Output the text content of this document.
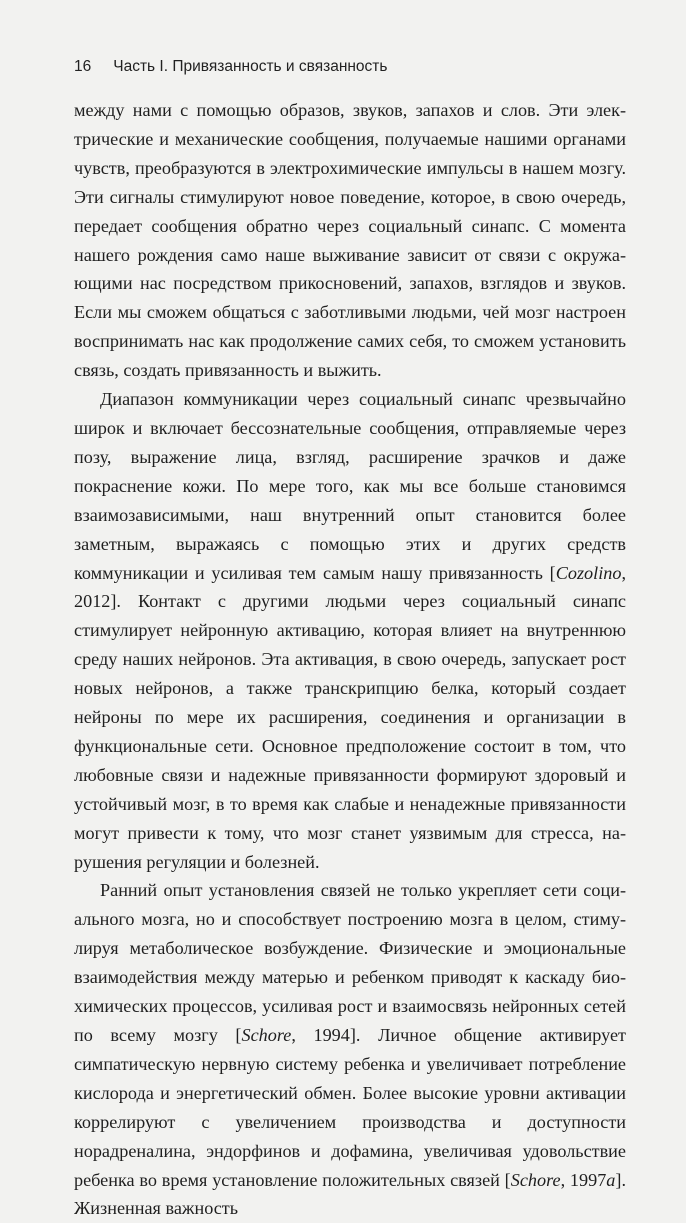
16 Часть I. Привязанность и связанность

между нами с помощью образов, звуков, запахов и слов. Эти электрические и механические сообщения, получаемые нашими органами чувств, преобразуются в электрохимические импульсы в нашем мозгу. Эти сигналы стимулируют новое поведение, которое, в свою очередь, передает сообщения обратно через социальный синапс. С момента нашего рождения само наше выживание зависит от связи с окружающими нас посредством прикосновений, запахов, взглядов и звуков. Если мы сможем общаться с заботливыми людьми, чей мозг настроен воспринимать нас как продолжение самих себя, то сможем установить связь, создать привязанность и выжить.

Диапазон коммуникации через социальный синапс чрезвычайно широк и включает бессознательные сообщения, отправляемые через позу, выражение лица, взгляд, расширение зрачков и даже покраснение кожи. По мере того, как мы все больше становимся взаимозависимыми, наш внутренний опыт становится более заметным, выражаясь с помощью этих и других средств коммуникации и усиливая тем самым нашу привязанность [Cozolino, 2012]. Контакт с другими людьми через социальный синапс стимулирует нейронную активацию, которая влияет на внутреннюю среду наших нейронов. Эта активация, в свою очередь, запускает рост новых нейронов, а также транскрипцию белка, который создает нейроны по мере их расширения, соединения и организации в функциональные сети. Основное предположение состоит в том, что любовные связи и надежные привязанности формируют здоровый и устойчивый мозг, в то время как слабые и ненадежные привязанности могут привести к тому, что мозг станет уязвимым для стресса, нарушения регуляции и болезней.

Ранний опыт установления связей не только укрепляет сети социального мозга, но и способствует построению мозга в целом, стимулируя метаболическое возбуждение. Физические и эмоциональные взаимодействия между матерью и ребенком приводят к каскаду биохимических процессов, усиливая рост и взаимосвязь нейронных сетей по всему мозгу [Schore, 1994]. Личное общение активирует симпатическую нервную систему ребенка и увеличивает потребление кислорода и энергетический обмен. Более высокие уровни активации коррелируют с увеличением производства и доступности норадреналина, эндорфинов и дофамина, увеличивая удовольствие ребенка во время установление положительных связей [Schore, 1997a]. Жизненная важность
